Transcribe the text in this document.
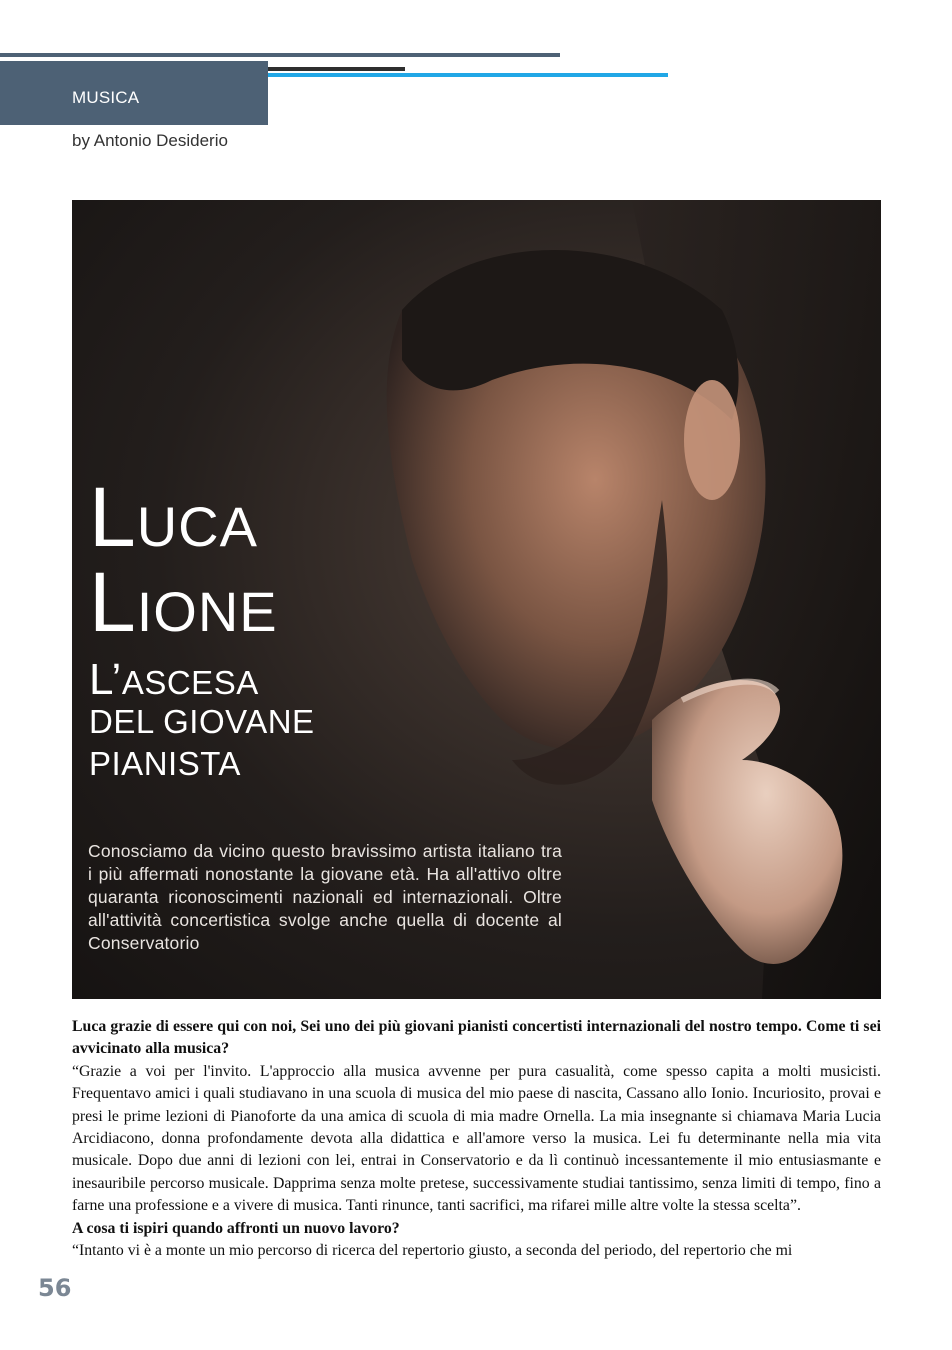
MUSICA
by Antonio Desiderio
LUCA
LIONE
L’ASCESA
DEL GIOVANE
PIANISTA
Conosciamo da vicino questo bravissimo artista italiano tra i più affermati nonostante la giovane età. Ha all'attivo oltre quaranta riconoscimenti nazionali ed internazionali. Oltre all'attività concertistica svolge anche quella di docente al Conservatorio

Luca grazie di essere qui con noi, Sei uno dei più giovani pianisti concertisti internazionali del nostro tempo. Come ti sei avvicinato alla musica?

“Grazie a voi per l'invito. L'approccio alla musica avvenne per pura casualità, come spesso capita a molti musicisti. Frequentavo amici i quali studiavano in una scuola di musica del mio paese di nascita, Cassano allo Ionio. Incuriosito, provai e presi le prime lezioni di Pianoforte da una amica di scuola di mia madre Ornella. La mia insegnante si chiamava Maria Lucia Arcidiacono, donna profondamente devota alla didattica e all'amore verso la musica. Lei fu determinante nella mia vita musicale. Dopo due anni di lezioni con lei, entrai in Conservatorio e da lì continuò incessantemente il mio entusiasmante e inesauribile percorso musicale. Dapprima senza molte pretese, successivamente studiai tantissimo, senza limiti di tempo, fino a farne una professione e a vivere di musica. Tanti rinunce, tanti sacrifici, ma rifarei mille altre volte la stessa scelta”.

A cosa ti ispiri quando affronti un nuovo lavoro?

“Intanto vi è a monte un mio percorso di ricerca del repertorio giusto, a seconda del periodo, del repertorio che mi

56
